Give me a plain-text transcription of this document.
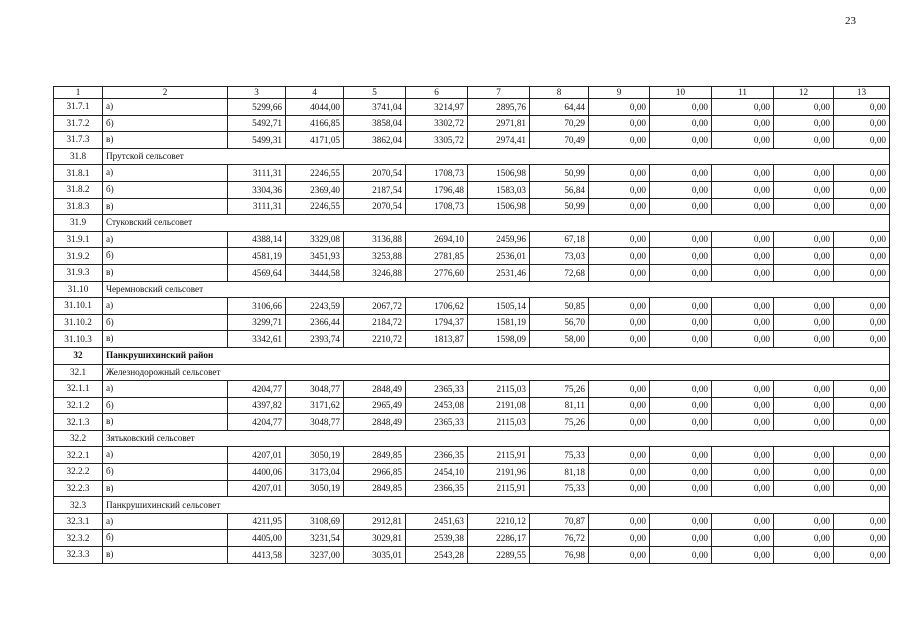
23
1	2	3	4	5	6	7	8	9	10	11	12	13
31.7.1	а)	5299,66	4044,00	3741,04	3214,97	2895,76	64,44	0,00	0,00	0,00	0,00	0,00
31.7.2	б)	5492,71	4166,85	3858,04	3302,72	2971,81	70,29	0,00	0,00	0,00	0,00	0,00
31.7.3	в)	5499,31	4171,05	3862,04	3305,72	2974,41	70,49	0,00	0,00	0,00	0,00	0,00
31.8	Прутской сельсовет											
31.8.1	а)	3111,31	2246,55	2070,54	1708,73	1506,98	50,99	0,00	0,00	0,00	0,00	0,00
31.8.2	б)	3304,36	2369,40	2187,54	1796,48	1583,03	56,84	0,00	0,00	0,00	0,00	0,00
31.8.3	в)	3111,31	2246,55	2070,54	1708,73	1506,98	50,99	0,00	0,00	0,00	0,00	0,00
31.9	Стуковский сельсовет											
31.9.1	а)	4388,14	3329,08	3136,88	2694,10	2459,96	67,18	0,00	0,00	0,00	0,00	0,00
31.9.2	б)	4581,19	3451,93	3253,88	2781,85	2536,01	73,03	0,00	0,00	0,00	0,00	0,00
31.9.3	в)	4569,64	3444,58	3246,88	2776,60	2531,46	72,68	0,00	0,00	0,00	0,00	0,00
31.10	Черемновский сельсовет											
31.10.1	а)	3106,66	2243,59	2067,72	1706,62	1505,14	50,85	0,00	0,00	0,00	0,00	0,00
31.10.2	б)	3299,71	2366,44	2184,72	1794,37	1581,19	56,70	0,00	0,00	0,00	0,00	0,00
31.10.3	в)	3342,61	2393,74	2210,72	1813,87	1598,09	58,00	0,00	0,00	0,00	0,00	0,00
32	Панкрушихинский район											
32.1	Железнодорожный сельсовет											
32.1.1	а)	4204,77	3048,77	2848,49	2365,33	2115,03	75,26	0,00	0,00	0,00	0,00	0,00
32.1.2	б)	4397,82	3171,62	2965,49	2453,08	2191,08	81,11	0,00	0,00	0,00	0,00	0,00
32.1.3	в)	4204,77	3048,77	2848,49	2365,33	2115,03	75,26	0,00	0,00	0,00	0,00	0,00
32.2	Зятьковский сельсовет											
32.2.1	а)	4207,01	3050,19	2849,85	2366,35	2115,91	75,33	0,00	0,00	0,00	0,00	0,00
32.2.2	б)	4400,06	3173,04	2966,85	2454,10	2191,96	81,18	0,00	0,00	0,00	0,00	0,00
32.2.3	в)	4207,01	3050,19	2849,85	2366,35	2115,91	75,33	0,00	0,00	0,00	0,00	0,00
32.3	Панкрушихинский сельсовет											
32.3.1	а)	4211,95	3108,69	2912,81	2451,63	2210,12	70,87	0,00	0,00	0,00	0,00	0,00
32.3.2	б)	4405,00	3231,54	3029,81	2539,38	2286,17	76,72	0,00	0,00	0,00	0,00	0,00
32.3.3	в)	4413,58	3237,00	3035,01	2543,28	2289,55	76,98	0,00	0,00	0,00	0,00	0,00
